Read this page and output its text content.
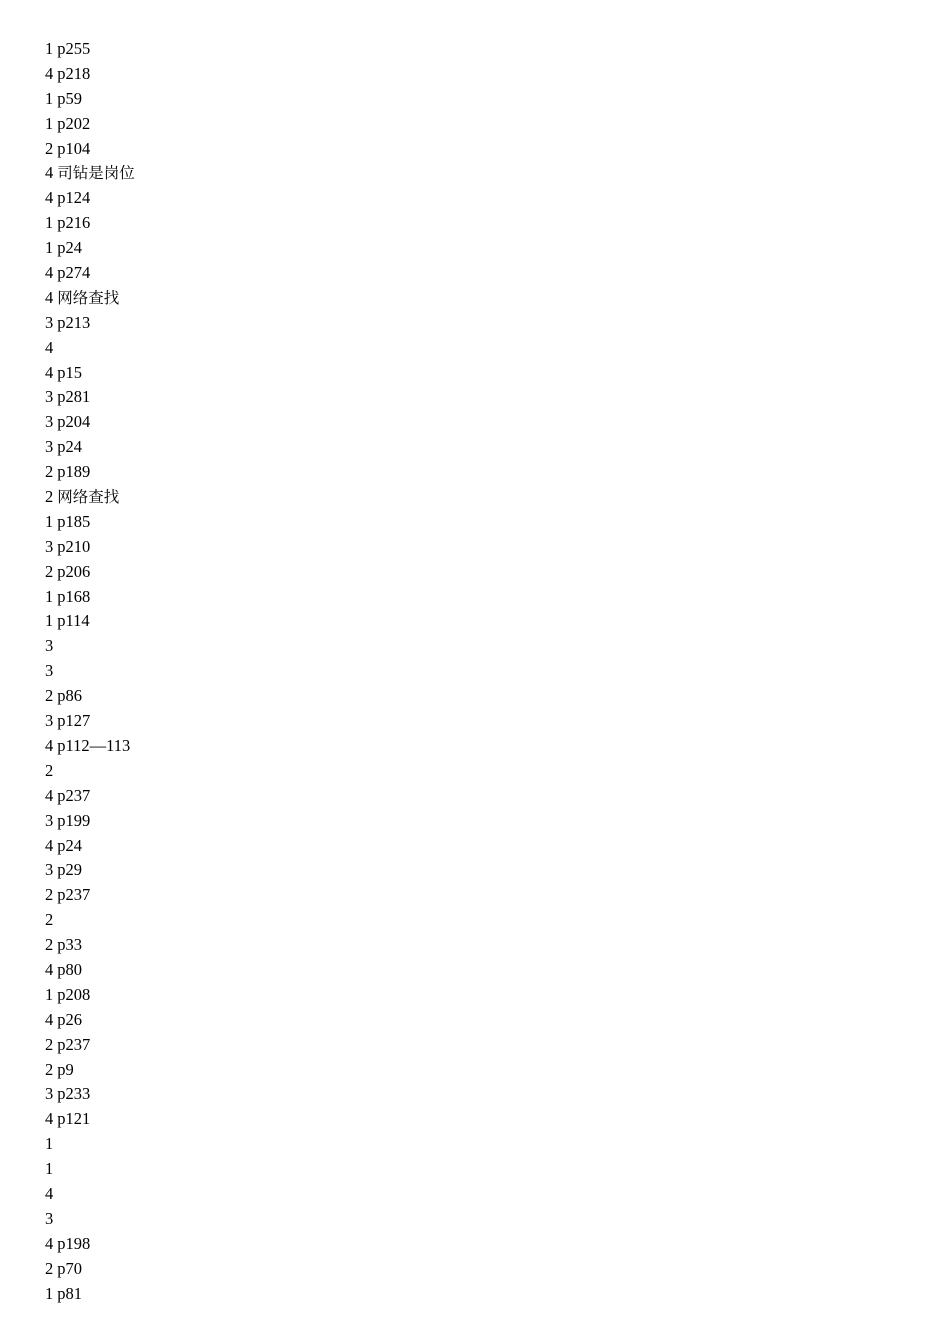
1 p255
4 p218
1 p59
1 p202
2 p104
4 司钻是岗位
4 p124
1 p216
1 p24
4 p274
4 网络查找
3 p213
4
4 p15
3 p281
3 p204
3 p24
2 p189
2 网络查找
1 p185
3 p210
2 p206
1 p168
1 p114
3
3
2 p86
3 p127
4 p112—113
2
4 p237
3 p199
4 p24
3 p29
2 p237
2
2 p33
4 p80
1 p208
4 p26
2 p237
2 p9
3 p233
4 p121
1
1
4
3
4 p198
2 p70
1 p81
